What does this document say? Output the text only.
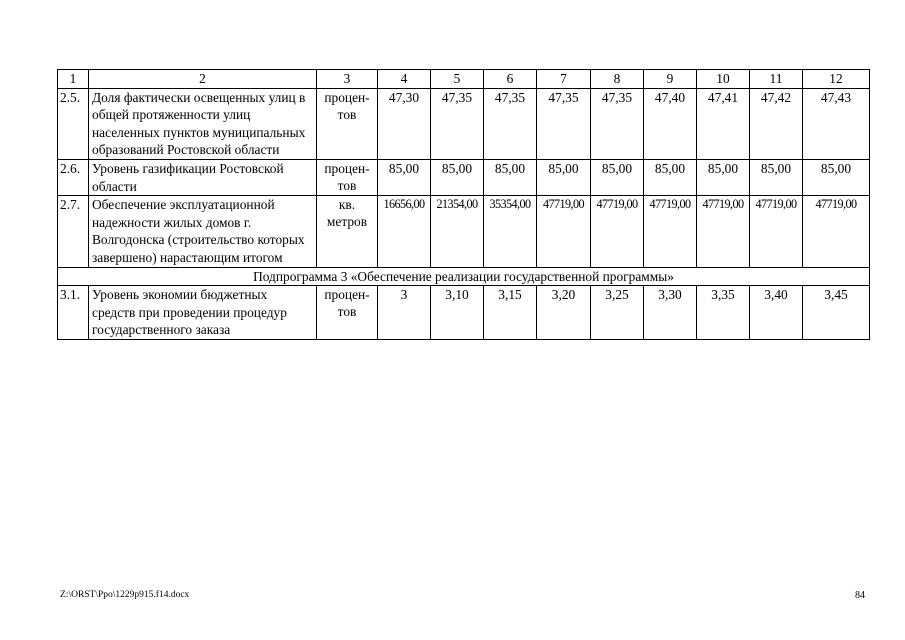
1	2	3	4	5	6	7	8	9	10	11	12
2.5.	Доля фактически освещенных улиц в общей протяженности улиц населенных пунктов муниципальных образований Ростовской области	процен-тов	47,30	47,35	47,35	47,35	47,35	47,40	47,41	47,42	47,43
2.6.	Уровень газификации Ростовской области	процен-тов	85,00	85,00	85,00	85,00	85,00	85,00	85,00	85,00	85,00
2.7.	Обеспечение эксплуатационной надежности жилых домов г. Волгодонска (строительство которых завершено) нарастающим итогом	кв. метров	16656,00	21354,00	35354,00	47719,00	47719,00	47719,00	47719,00	47719,00	47719,00
Подпрограмма 3 «Обеспечение реализации государственной программы»											
3.1.	Уровень экономии бюджетных средств при проведении процедур государственного заказа	процен-тов	3	3,10	3,15	3,20	3,25	3,30	3,35	3,40	3,45
Z:\ORST\Ppo\1229p915.f14.docx	84
